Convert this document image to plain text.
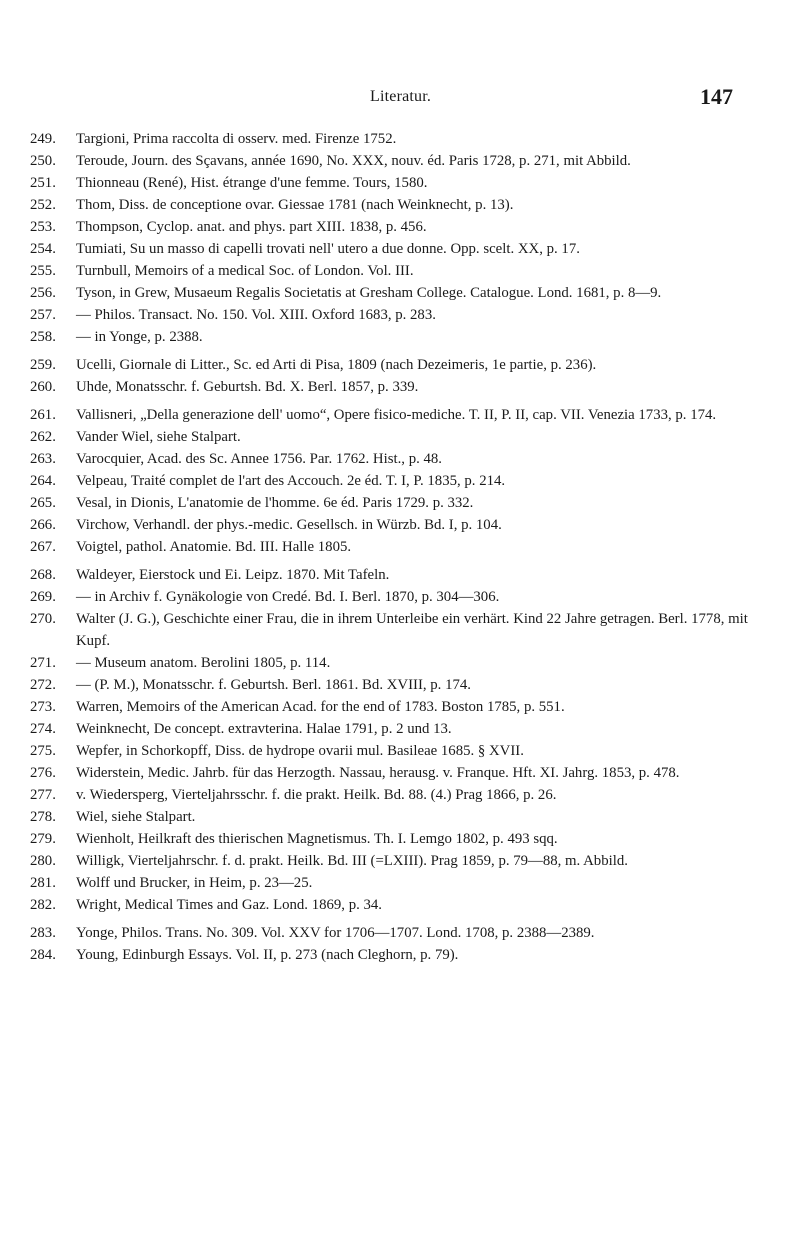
Literatur.	147
249. Targioni, Prima raccolta di osserv. med. Firenze 1752.
250. Teroude, Journ. des Sçavans, année 1690, No. XXX, nouv. éd. Paris 1728, p. 271, mit Abbild.
251. Thionneau (René), Hist. étrange d'une femme. Tours, 1580.
252. Thom, Diss. de conceptione ovar. Giessae 1781 (nach Weinknecht, p. 13).
253. Thompson, Cyclop. anat. and phys. part XIII. 1838, p. 456.
254. Tumiati, Su un masso di capelli trovati nell' utero a due donne. Opp. scelt. XX, p. 17.
255. Turnbull, Memoirs of a medical Soc. of London. Vol. III.
256. Tyson, in Grew, Musaeum Regalis Societatis at Gresham College. Catalogue. Lond. 1681, p. 8—9.
257. — Philos. Transact. No. 150. Vol. XIII. Oxford 1683, p. 283.
258. — in Yonge, p. 2388.
259. Ucelli, Giornale di Litter., Sc. ed Arti di Pisa, 1809 (nach Dezeimeris, 1e partie, p. 236).
260. Uhde, Monatsschr. f. Geburtsh. Bd. X. Berl. 1857, p. 339.
261. Vallisneri, „Della generazione dell' uomo“, Opere fisico-mediche. T. II, P. II, cap. VII. Venezia 1733, p. 174.
262. Vander Wiel, siehe Stalpart.
263. Varocquier, Acad. des Sc. Annee 1756. Par. 1762. Hist., p. 48.
264. Velpeau, Traité complet de l'art des Accouch. 2e éd. T. I, P. 1835, p. 214.
265. Vesal, in Dionis, L'anatomie de l'homme. 6e éd. Paris 1729. p. 332.
266. Virchow, Verhandl. der phys.-medic. Gesellsch. in Würzb. Bd. I, p. 104.
267. Voigtel, pathol. Anatomie. Bd. III. Halle 1805.
268. Waldeyer, Eierstock und Ei. Leipz. 1870. Mit Tafeln.
269. — in Archiv f. Gynäkologie von Credé. Bd. I. Berl. 1870, p. 304—306.
270. Walter (J. G.), Geschichte einer Frau, die in ihrem Unterleibe ein verhärt. Kind 22 Jahre getragen. Berl. 1778, mit Kupf.
271. — Museum anatom. Berolini 1805, p. 114.
272. — (P. M.), Monatsschr. f. Geburtsh. Berl. 1861. Bd. XVIII, p. 174.
273. Warren, Memoirs of the American Acad. for the end of 1783. Boston 1785, p. 551.
274. Weinknecht, De concept. extravterina. Halae 1791, p. 2 und 13.
275. Wepfer, in Schorkopff, Diss. de hydrope ovarii mul. Basileae 1685. § XVII.
276. Widerstein, Medic. Jahrb. für das Herzogth. Nassau, herausg. v. Franque. Hft. XI. Jahrg. 1853, p. 478.
277. v. Wiedersperg, Vierteljahrsschr. f. die prakt. Heilk. Bd. 88. (4.) Prag 1866, p. 26.
278. Wiel, siehe Stalpart.
279. Wienholt, Heilkraft des thierischen Magnetismus. Th. I. Lemgo 1802, p. 493 sqq.
280. Willigk, Vierteljahrschr. f. d. prakt. Heilk. Bd. III (=LXIII). Prag 1859, p. 79—88, m. Abbild.
281. Wolff und Brucker, in Heim, p. 23—25.
282. Wright, Medical Times and Gaz. Lond. 1869, p. 34.
283. Yonge, Philos. Trans. No. 309. Vol. XXV for 1706—1707. Lond. 1708, p. 2388—2389.
284. Young, Edinburgh Essays. Vol. II, p. 273 (nach Cleghorn, p. 79).
